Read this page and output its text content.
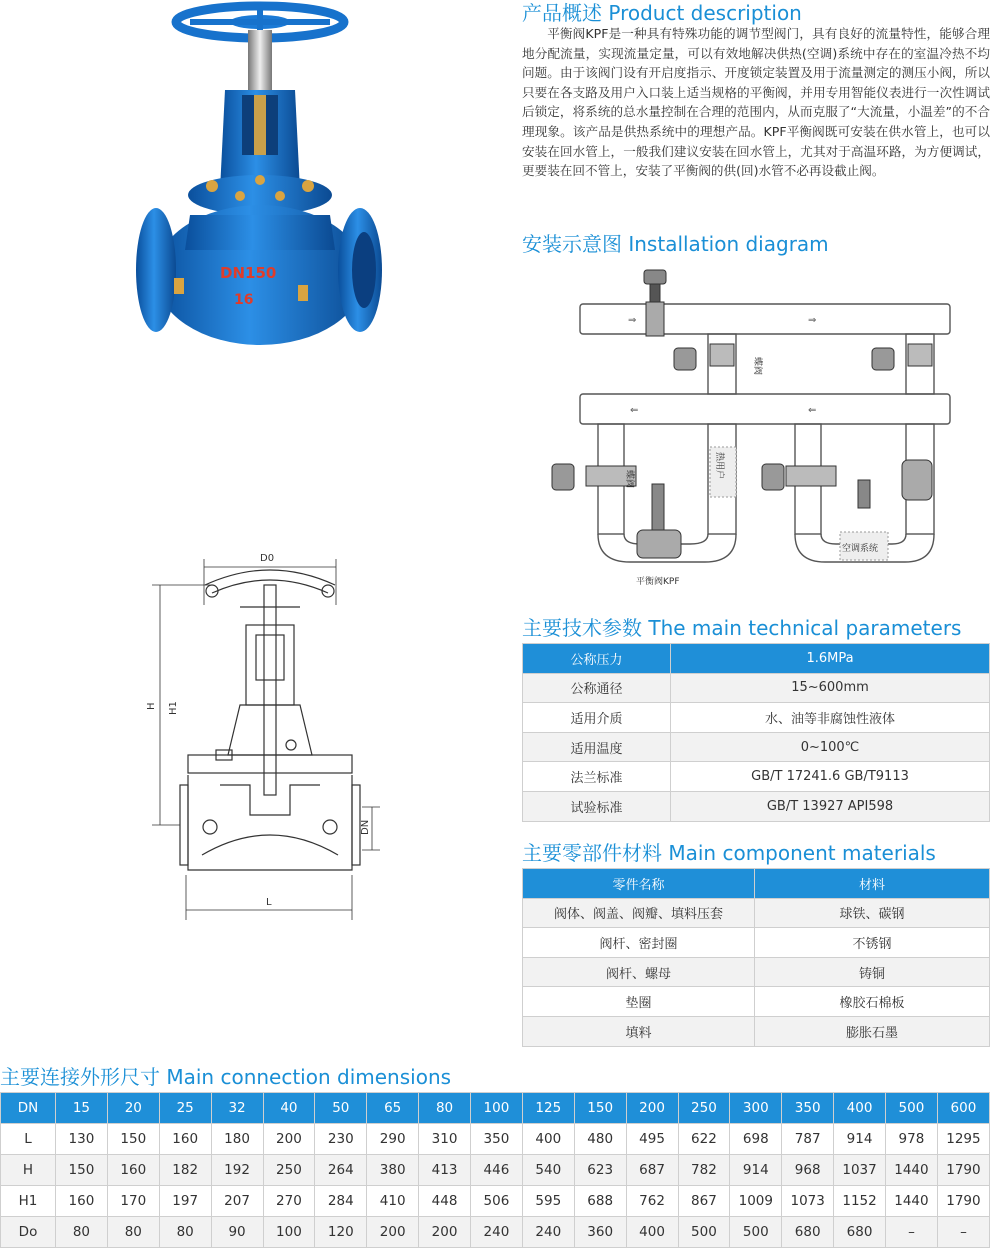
DN150
16
产品概述 Product description
平衡阀KPF是一种具有特殊功能的调节型阀门，具有良好的流量特性，能够合理地分配流量，实现流量定量，可以有效地解决供热(空调)系统中存在的室温冷热不均问题。由于该阀门设有开启度指示、开度锁定装置及用于流量测定的测压小阀，所以只要在各支路及用户入口装上适当规格的平衡阀，并用专用智能仪表进行一次性调试后锁定，将系统的总水量控制在合理的范围内，从而克服了“大流量，小温差”的不合理现象。该产品是供热系统中的理想产品。KPF平衡阀既可安装在供水管上，也可以安装在回水管上，一般我们建议安装在回水管上，尤其对于高温环路，为方便调试，更要装在回不管上，安装了平衡阀的供(回)水管不必再设截止阀。
安装示意图 Installation diagram
⇒	⇒
⇐	⇐
蝶阀
蝶阀	热用户
空调系统
平衡阀KPF
D0
H H1
DN
L
主要技术参数 The main technical parameters
公称压力	1.6MPa
公称通径	15~600mm
适用介质	水、油等非腐蚀性液体
适用温度	0~100℃
法兰标准	GB/T 17241.6 GB/T9113
试验标准	GB/T 13927 API598
主要零部件材料 Main component materials
零件名称	材料
阀体、阀盖、阀瓣、填料压套	球铁、碳钢
阀杆、密封圈	不锈钢
阀杆、螺母	铸铜
垫圈	橡胶石棉板
填料	膨胀石墨
主要连接外形尺寸 Main connection dimensions
DN	15	20	25	32	40	50	65	80	100	125	150	200	250	300	350	400	500	600
L	130	150	160	180	200	230	290	310	350	400	480	495	622	698	787	914	978	1295
H	150	160	182	192	250	264	380	413	446	540	623	687	782	914	968	1037	1440	1790
H1	160	170	197	207	270	284	410	448	506	595	688	762	867	1009	1073	1152	1440	1790
Do	80	80	80	90	100	120	200	200	240	240	360	400	500	500	680	680	–	–
